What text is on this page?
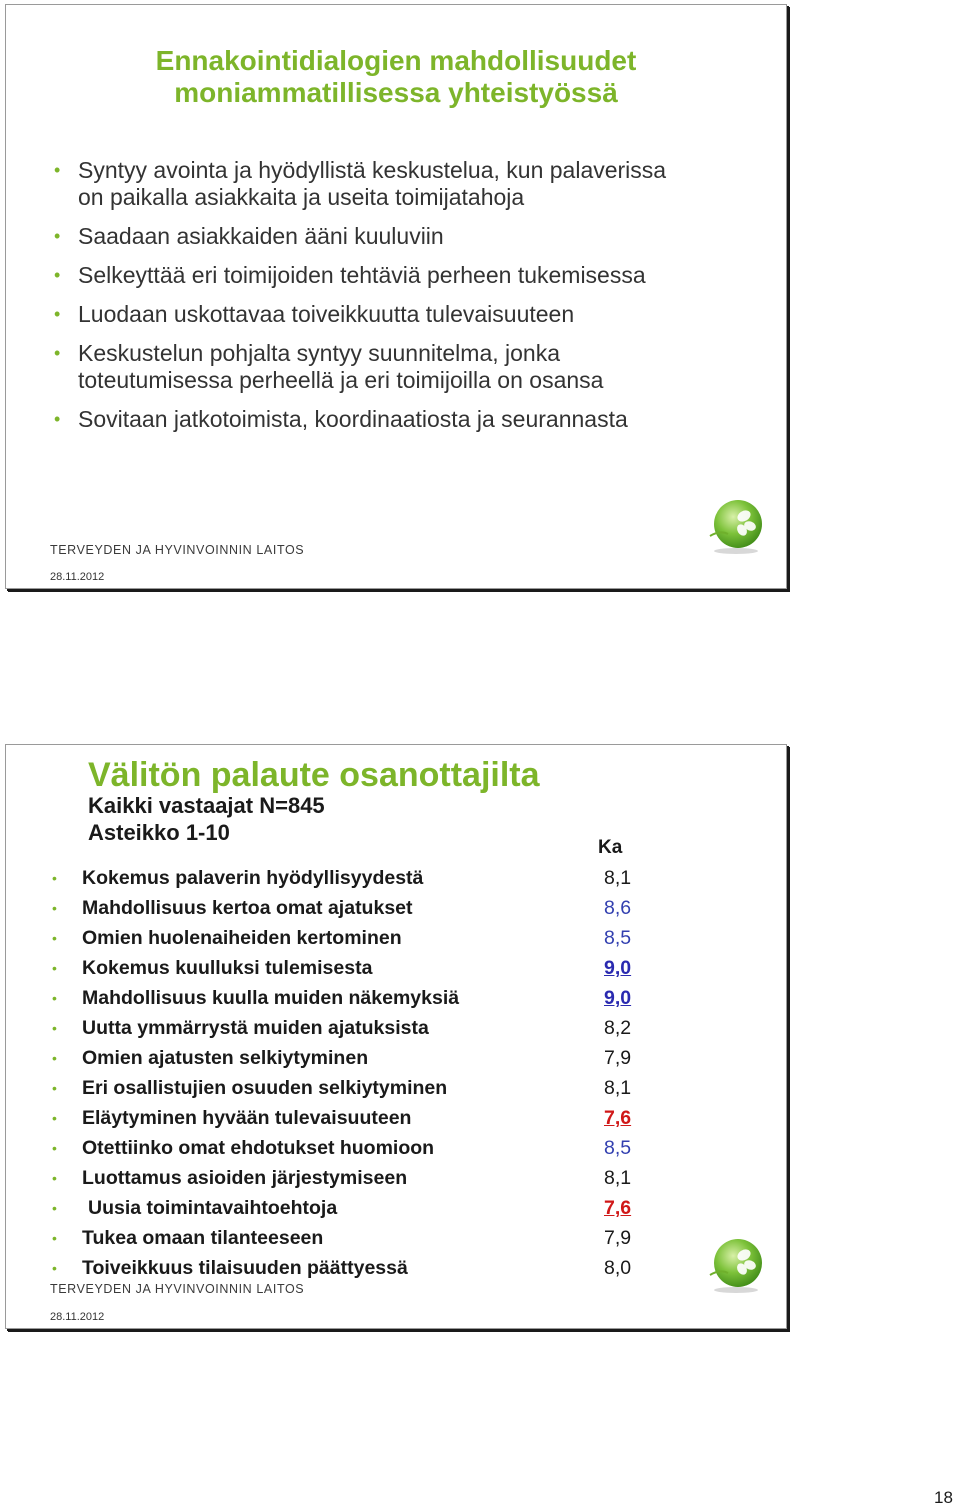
Ennakointidialogien mahdollisuudet
moniammatillisessa yhteistyössä
• Syntyy avointa ja hyödyllistä keskustelua, kun palaverissa
on paikalla asiakkaita ja useita toimijatahoja
• Saadaan asiakkaiden ääni kuuluviin
• Selkeyttää eri toimijoiden tehtäviä perheen tukemisessa
• Luodaan uskottavaa toiveikkuutta tulevaisuuteen
• Keskustelun pohjalta syntyy suunnitelma, jonka
toteutumisessa perheellä ja eri toimijoilla on osansa
• Sovitaan jatkotoimista, koordinaatiosta ja seurannasta
TERVEYDEN JA HYVINVOINNIN LAITOS
28.11.2012
Välitön palaute osanottajilta
Kaikki vastaajat N=845
Asteikko 1-10
Ka
• Kokemus palaverin hyödyllisyydestä	8,1
• Mahdollisuus kertoa omat ajatukset	8,6
• Omien huolenaiheiden kertominen	8,5
• Kokemus kuulluksi tulemisesta	9,0
• Mahdollisuus kuulla muiden näkemyksiä	9,0
• Uutta ymmärrystä muiden ajatuksista	8,2
• Omien ajatusten selkiytyminen	7,9
• Eri osallistujien osuuden selkiytyminen	8,1
• Eläytyminen hyvään tulevaisuuteen	7,6
• Otettiinko omat ehdotukset huomioon	8,5
• Luottamus asioiden järjestymiseen	8,1
• Uusia toimintavaihtoehtoja	7,6
• Tukea omaan tilanteeseen	7,9
• Toiveikkuus tilaisuuden päättyessä	8,0
TERVEYDEN JA HYVINVOINNIN LAITOS
28.11.2012
18
